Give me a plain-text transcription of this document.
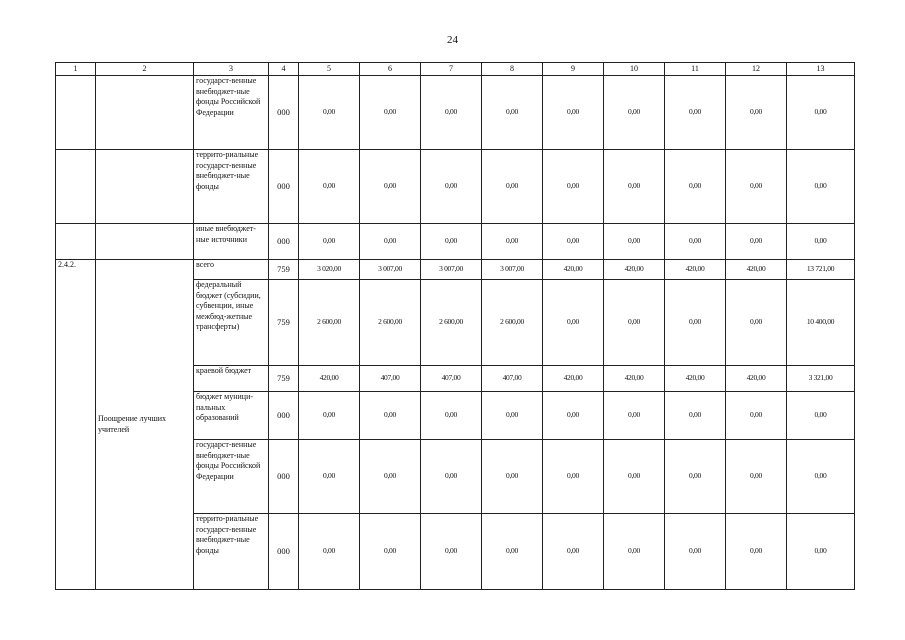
24
1	2	3	4	5	6	7	8	9	10	11	12	13
		государст-венные внебюджет-ные фонды Российской Федерации	000	0,00	0,00	0,00	0,00	0,00	0,00	0,00	0,00	0,00
		террито-риальные государст-венные внебюджет-ные фонды	000	0,00	0,00	0,00	0,00	0,00	0,00	0,00	0,00	0,00
		иные внебюджет-ные источники	000	0,00	0,00	0,00	0,00	0,00	0,00	0,00	0,00	0,00
2.4.2.	Поощрение лучших учителей	всего	759	3 020,00	3 007,00	3 007,00	3 007,00	420,00	420,00	420,00	420,00	13 721,00
		федеральный бюджет (субсидии, субвенции, иные межбюд-жетные трансферты)	759	2 600,00	2 600,00	2 600,00	2 600,00	0,00	0,00	0,00	0,00	10 400,00
		краевой бюджет	759	420,00	407,00	407,00	407,00	420,00	420,00	420,00	420,00	3 321,00
		бюджет муници-пальных образований	000	0,00	0,00	0,00	0,00	0,00	0,00	0,00	0,00	0,00
		государст-венные внебюджет-ные фонды Российской Федерации	000	0,00	0,00	0,00	0,00	0,00	0,00	0,00	0,00	0,00
		террито-риальные государст-венные внебюджет-ные фонды	000	0,00	0,00	0,00	0,00	0,00	0,00	0,00	0,00	0,00
